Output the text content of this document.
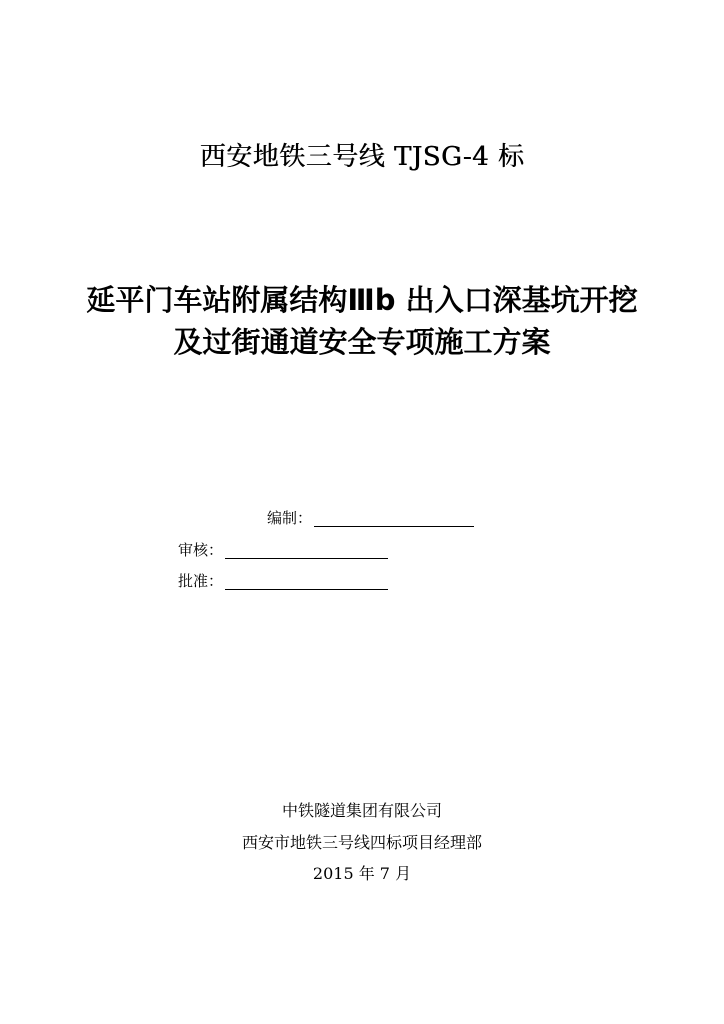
西安地铁三号线 TJSG-4 标
延平门车站附属结构Ⅲb 出入口深基坑开挖
及过街通道安全专项施工方案
编制：
审核：
批准：
中铁隧道集团有限公司
西安市地铁三号线四标项目经理部
2015 年 7 月
